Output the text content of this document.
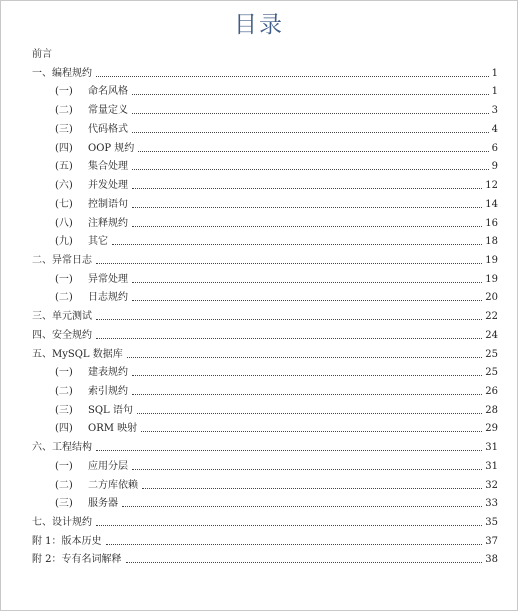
目录
前言
一、编程规约	1
(一)	命名风格	1
(二)	常量定义	3
(三)	代码格式	4
(四)	OOP 规约	6
(五)	集合处理	9
(六)	并发处理	12
(七)	控制语句	14
(八)	注释规约	16
(九)	其它	18
二、异常日志	19
(一)	异常处理	19
(二)	日志规约	20
三、单元测试	22
四、安全规约	24
五、MySQL 数据库	25
(一)	建表规约	25
(二)	索引规约	26
(三)	SQL 语句	28
(四)	ORM 映射	29
六、工程结构	31
(一)	应用分层	31
(二)	二方库依赖	32
(三)	服务器	33
七、设计规约	35
附 1：版本历史	37
附 2：专有名词解释	38
